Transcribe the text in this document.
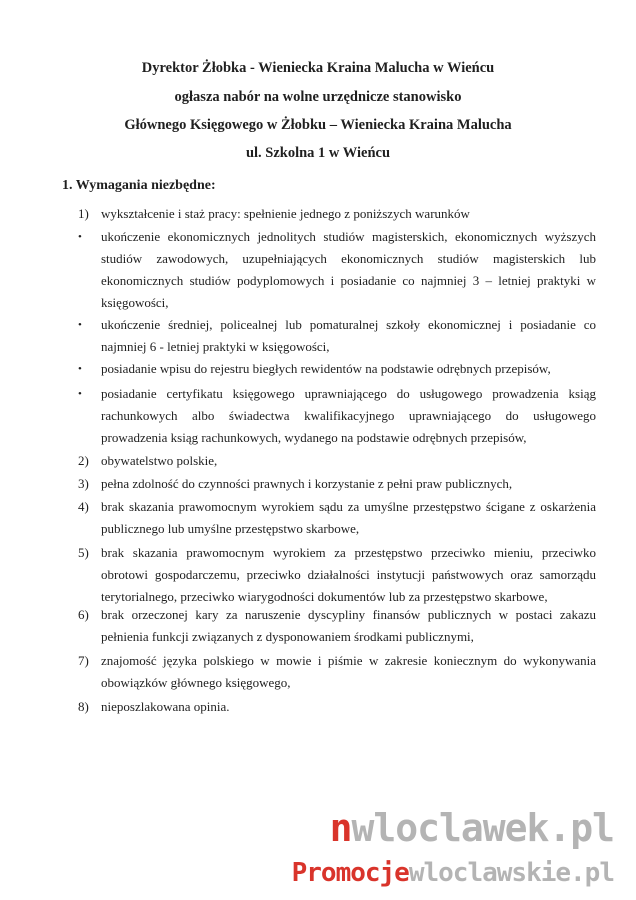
Dyrektor Żłobka - Wieniecka Kraina Malucha w Wieńcu
ogłasza nabór na wolne urzędnicze stanowisko
Głównego Księgowego w Żłobku – Wieniecka Kraina Malucha
ul. Szkolna 1 w Wieńcu
1. Wymagania niezbędne:
1) wykształcenie i staż pracy: spełnienie jednego z poniższych warunków
•	ukończenie ekonomicznych jednolitych studiów magisterskich, ekonomicznych wyższych studiów zawodowych, uzupełniających ekonomicznych studiów magisterskich lub ekonomicznych studiów podyplomowych i posiadanie co najmniej 3 – letniej praktyki w księgowości,
•	ukończenie średniej, policealnej lub pomaturalnej szkoły ekonomicznej i posiadanie co najmniej 6 - letniej praktyki w księgowości,
•	posiadanie wpisu do rejestru biegłych rewidentów na podstawie odrębnych przepisów,
•	posiadanie certyfikatu księgowego uprawniającego do usługowego prowadzenia ksiąg rachunkowych albo świadectwa kwalifikacyjnego uprawniającego do usługowego prowadzenia ksiąg rachunkowych, wydanego na podstawie odrębnych przepisów,
2) obywatelstwo polskie,
3) pełna zdolność do czynności prawnych i korzystanie z pełni praw publicznych,
4) brak skazania prawomocnym wyrokiem sądu za umyślne przestępstwo ścigane z oskarżenia publicznego lub umyślne przestępstwo skarbowe,
5) brak skazania prawomocnym wyrokiem za przestępstwo przeciwko mieniu, przeciwko obrotowi gospodarczemu, przeciwko działalności instytucji państwowych oraz samorządu terytorialnego, przeciwko wiarygodności dokumentów lub za przestępstwo skarbowe,
6) brak orzeczonej kary za naruszenie dyscypliny finansów publicznych w postaci zakazu pełnienia funkcji związanych z dysponowaniem środkami publicznymi,
7) znajomość języka polskiego w mowie i piśmie w zakresie koniecznym do wykonywania obowiązków głównego księgowego,
8) nieposzlakowana opinia.
nwloclawek.pl
Promocjewloclawskie.pl
